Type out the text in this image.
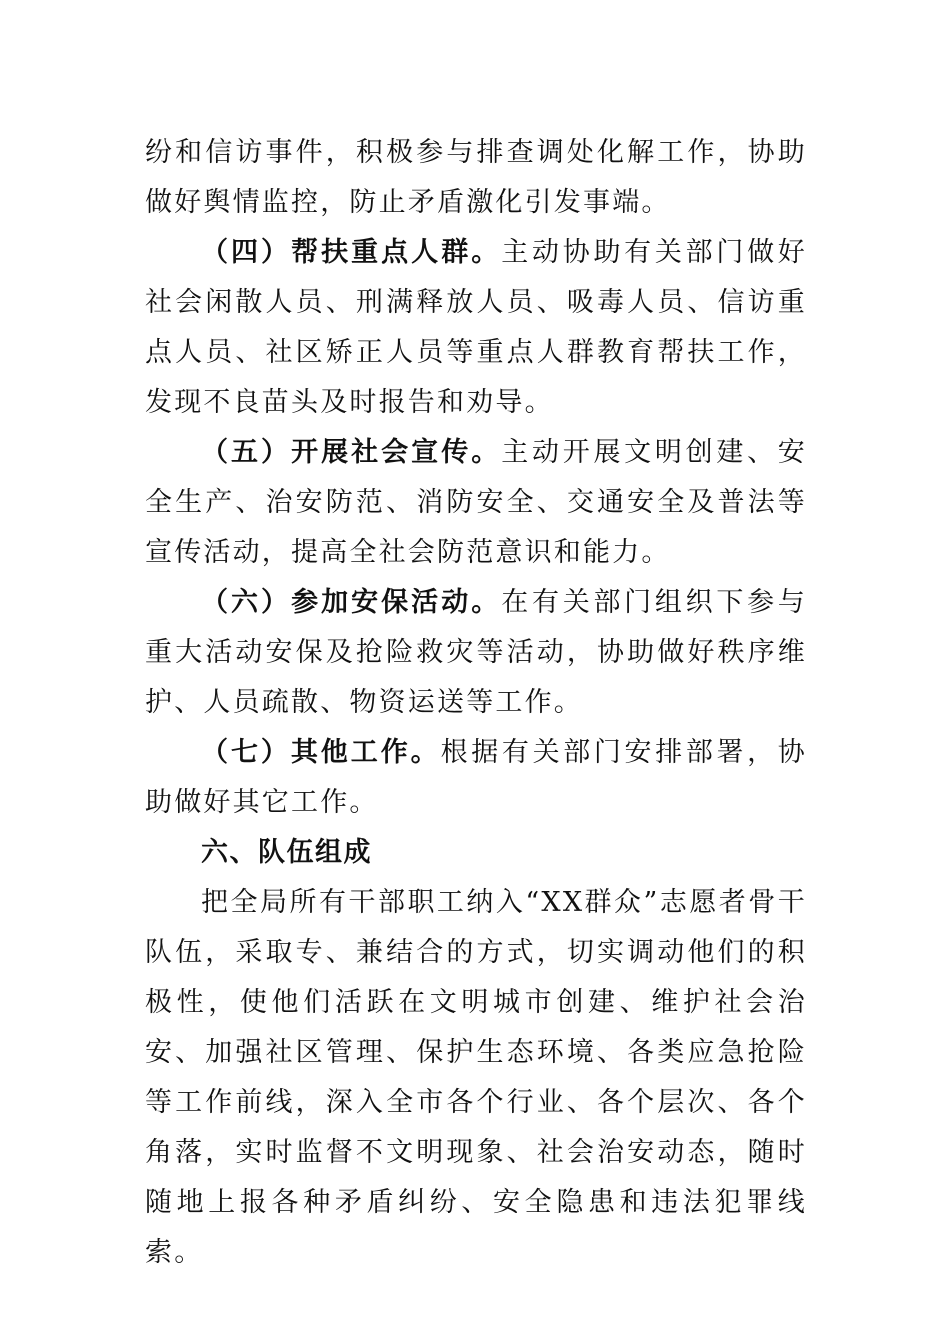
纷和信访事件，积极参与排查调处化解工作，协助做好舆情监控，防止矛盾激化引发事端。

（四）帮扶重点人群。主动协助有关部门做好社会闲散人员、刑满释放人员、吸毒人员、信访重点人员、社区矫正人员等重点人群教育帮扶工作，发现不良苗头及时报告和劝导。

（五）开展社会宣传。主动开展文明创建、安全生产、治安防范、消防安全、交通安全及普法等宣传活动，提高全社会防范意识和能力。

（六）参加安保活动。在有关部门组织下参与重大活动安保及抢险救灾等活动，协助做好秩序维护、人员疏散、物资运送等工作。

（七）其他工作。根据有关部门安排部署，协助做好其它工作。

六、队伍组成

把全局所有干部职工纳入“XX群众”志愿者骨干队伍，采取专、兼结合的方式，切实调动他们的积极性，使他们活跃在文明城市创建、维护社会治安、加强社区管理、保护生态环境、各类应急抢险等工作前线，深入全市各个行业、各个层次、各个角落，实时监督不文明现象、社会治安动态，随时随地上报各种矛盾纠纷、安全隐患和违法犯罪线索。
